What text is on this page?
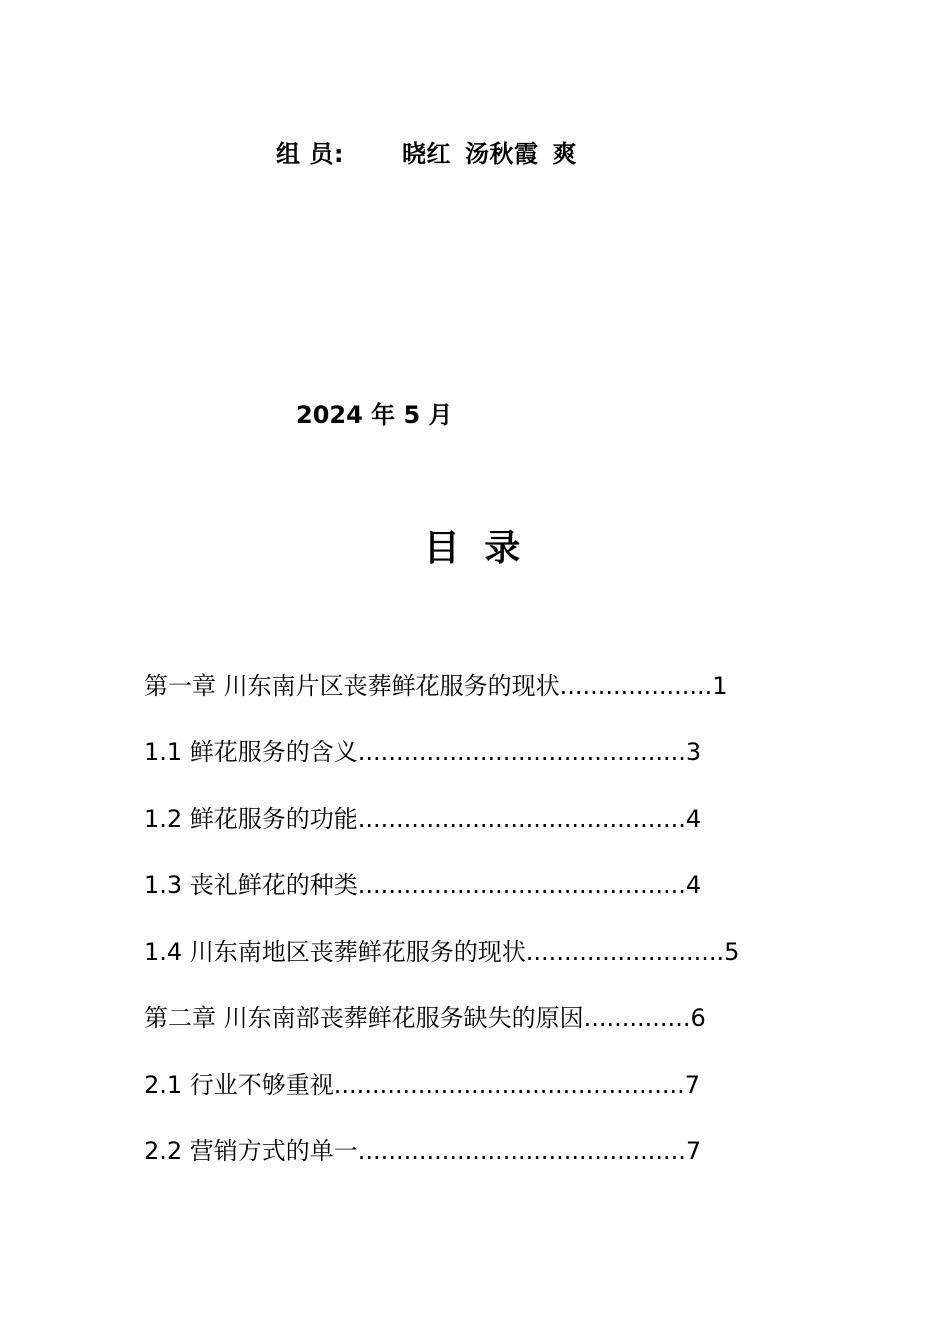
组 员: 晓红 汤秋霞 爽
2024 年 5 月
目 录
第一章 川东南片区丧葬鲜花服务的现状....................1
1.1 鲜花服务的含义...........................................3
1.2 鲜花服务的功能...........................................4
1.3 丧礼鲜花的种类...........................................4
1.4 川东南地区丧葬鲜花服务的现状..........................5
第二章 川东南部丧葬鲜花服务缺失的原因..............6
2.1 行业不够重视..............................................7
2.2 营销方式的单一...........................................7
